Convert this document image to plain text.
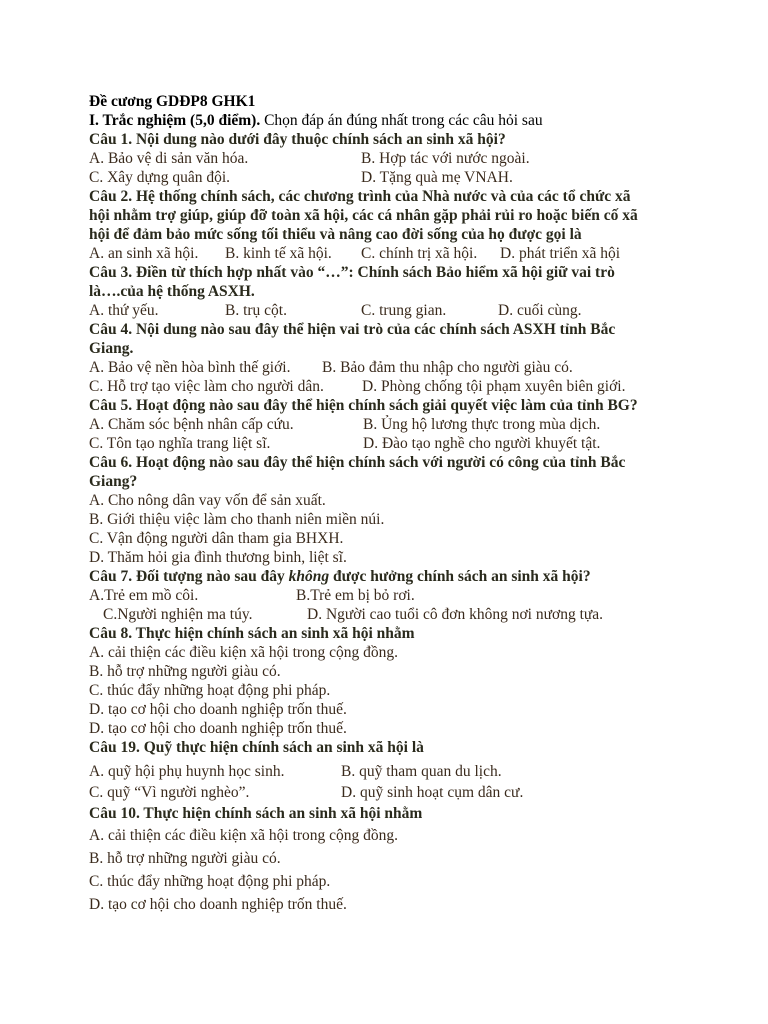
Đề cương GDĐP8 GHK1
I. Trắc nghiệm (5,0 điểm). Chọn đáp án đúng nhất trong các câu hỏi sau
Câu 1. Nội dung nào dưới đây thuộc chính sách an sinh xã hội?
A. Bảo vệ di sản văn hóa.	B. Hợp tác với nước ngoài.
C. Xây dựng quân đội.	D. Tặng quà mẹ VNAH.
Câu 2. Hệ thống chính sách, các chương trình của Nhà nước và của các tổ chức xã
hội nhằm trợ giúp, giúp đỡ toàn xã hội, các cá nhân gặp phải rủi ro hoặc biến cố xã
hội để đảm bảo mức sống tối thiểu và nâng cao đời sống của họ được gọi là
A. an sinh xã hội. B. kinh tế xã hội. C. chính trị xã hội. D. phát triển xã hội
Câu 3. Điền từ thích hợp nhất vào “…”: Chính sách Bảo hiểm xã hội giữ vai trò
là….của hệ thống ASXH.
A. thứ yếu.	B. trụ cột.	C. trung gian.	D. cuối cùng.
Câu 4. Nội dung nào sau đây thể hiện vai trò của các chính sách ASXH tỉnh Bắc
Giang.
A. Bảo vệ nền hòa bình thế giới. B. Bảo đảm thu nhập cho người giàu có.
C. Hỗ trợ tạo việc làm cho người dân. D. Phòng chống tội phạm xuyên biên giới.
Câu 5. Hoạt động nào sau đây thể hiện chính sách giải quyết việc làm của tỉnh BG?
A. Chăm sóc bệnh nhân cấp cứu.	B. Ủng hộ lương thực trong mùa dịch.
C. Tôn tạo nghĩa trang liệt sĩ.	D. Đào tạo nghề cho người khuyết tật.
Câu 6. Hoạt động nào sau đây thể hiện chính sách với người có công của tỉnh Bắc
Giang?
A. Cho nông dân vay vốn để sản xuất.
B. Giới thiệu việc làm cho thanh niên miền núi.
C. Vận động người dân tham gia BHXH.
D. Thăm hỏi gia đình thương binh, liệt sĩ.
Câu 7. Đối tượng nào sau đây không được hưởng chính sách an sinh xã hội?
A.Trẻ em mồ côi.	B.Trẻ em bị bỏ rơi.
C.Người nghiện ma túy.	D. Người cao tuổi cô đơn không nơi nương tựa.
Câu 8. Thực hiện chính sách an sinh xã hội nhằm
A. cải thiện các điều kiện xã hội trong cộng đồng.
B. hỗ trợ những người giàu có.
C. thúc đẩy những hoạt động phi pháp.
D. tạo cơ hội cho doanh nghiệp trốn thuế.
D. tạo cơ hội cho doanh nghiệp trốn thuế.
Câu 19. Quỹ thực hiện chính sách an sinh xã hội là
A. quỹ hội phụ huynh học sinh.	B. quỹ tham quan du lịch.
C. quỹ “Vì người nghèo”.	D. quỹ sinh hoạt cụm dân cư.
Câu 10. Thực hiện chính sách an sinh xã hội nhằm
A. cải thiện các điều kiện xã hội trong cộng đồng.
B. hỗ trợ những người giàu có.
C. thúc đẩy những hoạt động phi pháp.
D. tạo cơ hội cho doanh nghiệp trốn thuế.
